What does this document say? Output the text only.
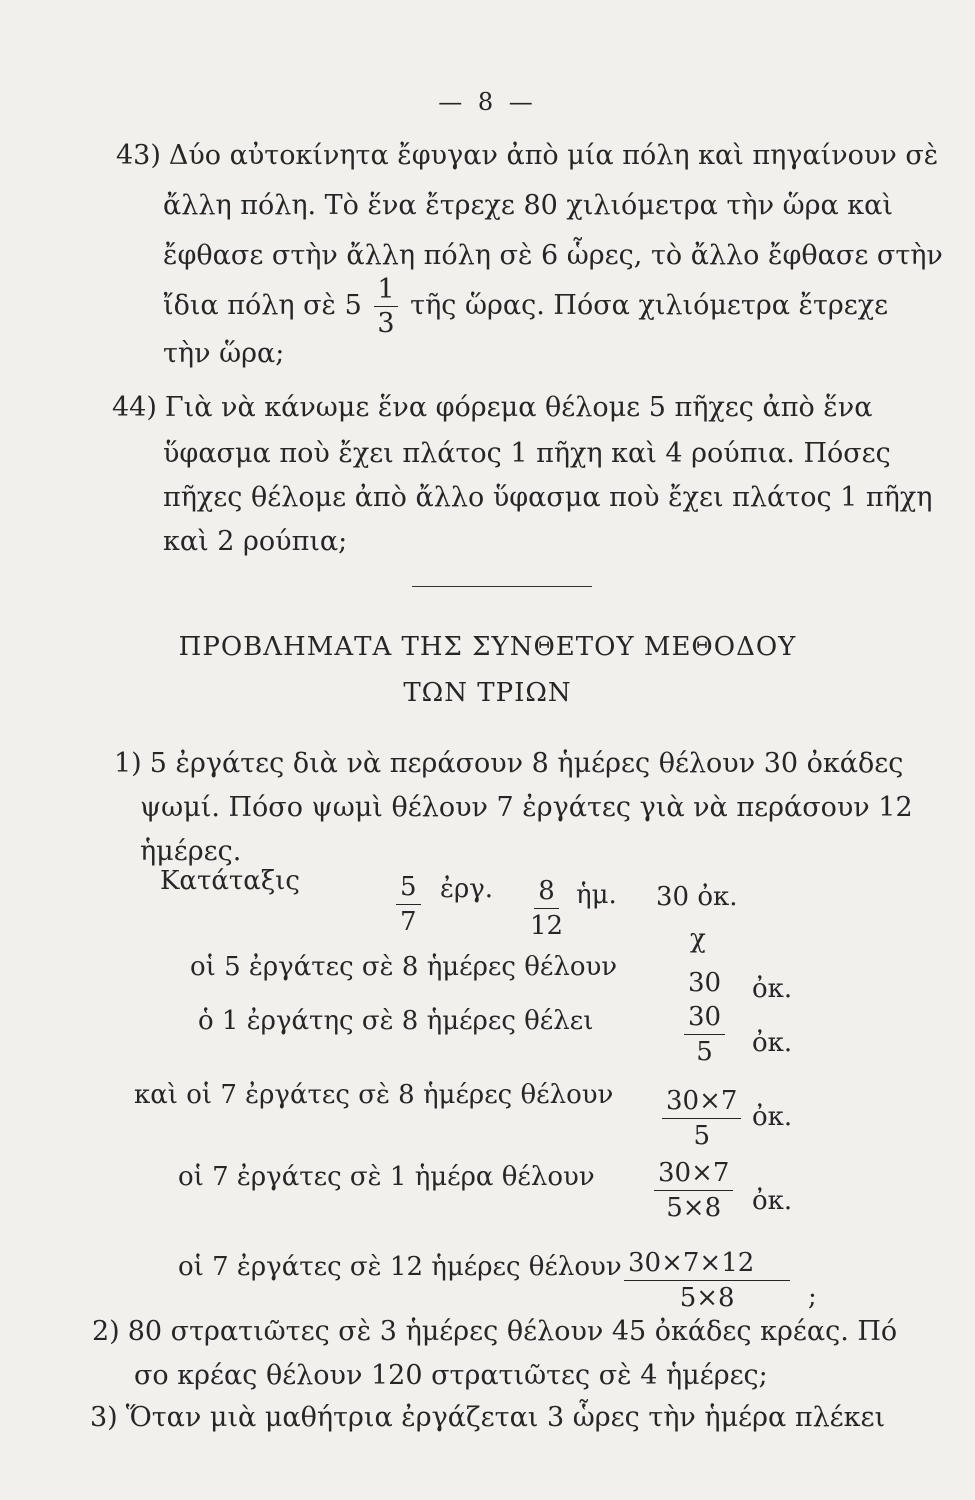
— 8 —
43) Δύο αὐτοκίνητα ἔφυγαν ἀπὸ μία πόλη καὶ πηγαίνουν σὲ
ἄλλη πόλη. Τὸ ἕνα ἔτρεχε 80 χιλιόμετρα τὴν ὥρα καὶ
ἔφθασε στὴν ἄλλη πόλη σὲ 6 ὧρες, τὸ ἄλλο ἔφθασε στὴν
ἴδια πόλη σὲ $5 \frac{1}{3}$ τῆς ὥρας. Πόσα χιλιόμετρα ἔτρεχε
τὴν ὥρα;
44) Γιὰ νὰ κάνωμε ἕνα φόρεμα θέλομε 5 πῆχες ἀπὸ ἕνα
ὕφασμα ποὺ ἔχει πλάτος 1 πῆχη καὶ 4 ρούπια. Πόσες
πῆχες θέλομε ἀπὸ ἄλλο ὕφασμα ποὺ ἔχει πλάτος 1 πῆχη
καὶ 2 ρούπια;
ΠΡΟΒΛΗΜΑΤΑ ΤΗΣ ΣΥΝΘΕΤΟΥ ΜΕΘΟΔΟΥ
ΤΩΝ ΤΡΙΩΝ
1) 5 ἐργάτες διὰ νὰ περάσουν 8 ἡμέρες θέλουν 30 ὀκάδες
ψωμί. Πόσο ψωμὶ θέλουν 7 ἐργάτες γιὰ νὰ περάσουν 12
ἡμέρες.
Κατάταξις	5
7
ἐργ. 8
12
ἡμ. 30 ὀκ.
χ
οἱ 5 ἐργάτες σὲ 8 ἡμέρες θέλουν
30 ὀκ.
ὁ 1 ἐργάτης σὲ 8 ἡμέρες θέλει	$\frac{30}{5}$ ὀκ.
καὶ οἱ 7 ἐργάτες σὲ 8 ἡμέρες θέλουν $\frac{30\times 7}{5}$ ὀκ.
οἱ 7 ἐργάτες σὲ 1 ἡμέρα θέλουν $\frac{30\times 7}{5\times 8}$ ὀκ.
οἱ 7 ἐργάτες σὲ 12 ἡμέρες θέλουν $\frac{30\times 7\times 12}{5\times 8}$ ;
2) 80 στρατιῶτες σὲ 3 ἡμέρες θέλουν 45 ὀκάδες κρέας. Πό
σο κρέας θέλουν 120 στρατιῶτες σὲ 4 ἡμέρες;
3) Ὅταν μιὰ μαθήτρια ἐργάζεται 3 ὧρες τὴν ἡμέρα πλέκει
